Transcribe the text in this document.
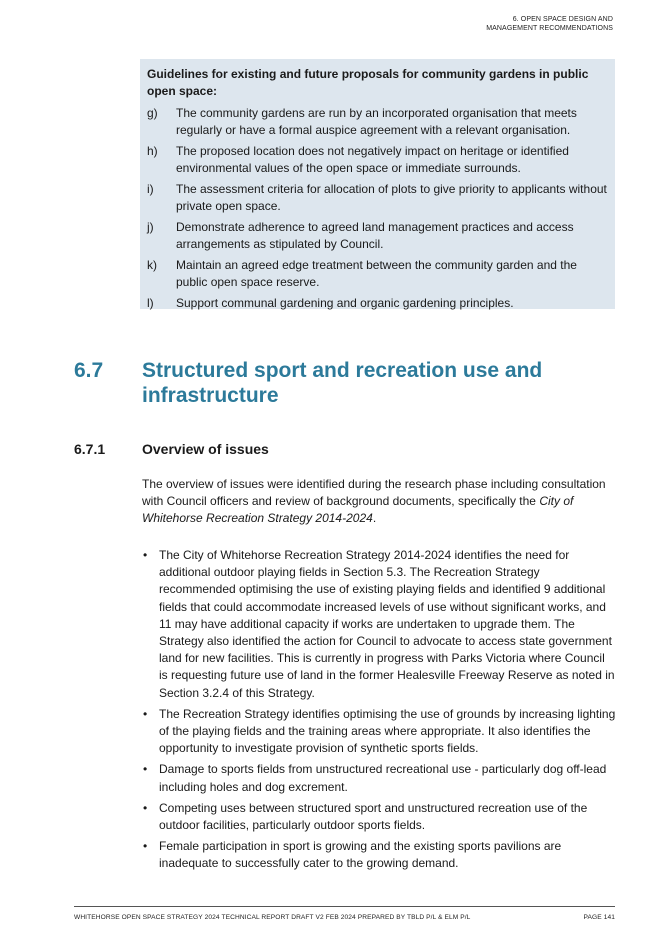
6. OPEN SPACE DESIGN AND
MANAGEMENT RECOMMENDATIONS
Guidelines for existing and future proposals for community gardens in public open space:
g)	The community gardens are run by an incorporated organisation that meets regularly or have a formal auspice agreement with a relevant organisation.
h)	The proposed location does not negatively impact on heritage or identified environmental values of the open space or immediate surrounds.
i)	The assessment criteria for allocation of plots to give priority to applicants without private open space.
j)	Demonstrate adherence to agreed land management practices and access arrangements as stipulated by Council.
k)	Maintain an agreed edge treatment between the community garden and the public open space reserve.
l)	Support communal gardening and organic gardening principles.
6.7 Structured sport and recreation use and infrastructure
6.7.1	Overview of issues

The overview of issues were identified during the research phase including consultation with Council officers and review of background documents, specifically the City of Whitehorse Recreation Strategy 2014-2024.

• The City of Whitehorse Recreation Strategy 2014-2024 identifies the need for additional outdoor playing fields in Section 5.3. The Recreation Strategy recommended optimising the use of existing playing fields and identified 9 additional fields that could accommodate increased levels of use without significant works, and 11 may have additional capacity if works are undertaken to upgrade them. The Strategy also identified the action for Council to advocate to access state government land for new facilities. This is currently in progress with Parks Victoria where Council is requesting future use of land in the former Healesville Freeway Reserve as noted in Section 3.2.4 of this Strategy.
• The Recreation Strategy identifies optimising the use of grounds by increasing lighting of the playing fields and the training areas where appropriate. It also identifies the opportunity to investigate provision of synthetic sports fields.
• Damage to sports fields from unstructured recreational use - particularly dog off-lead including holes and dog excrement.
• Competing uses between structured sport and unstructured recreation use of the outdoor facilities, particularly outdoor sports fields.
• Female participation in sport is growing and the existing sports pavilions are inadequate to successfully cater to the growing demand.
WHITEHORSE OPEN SPACE STRATEGY 2024 TECHNICAL REPORT DRAFT V2 FEB 2024 PREPARED BY TBLD P/L & ELM P/L	PAGE 141
